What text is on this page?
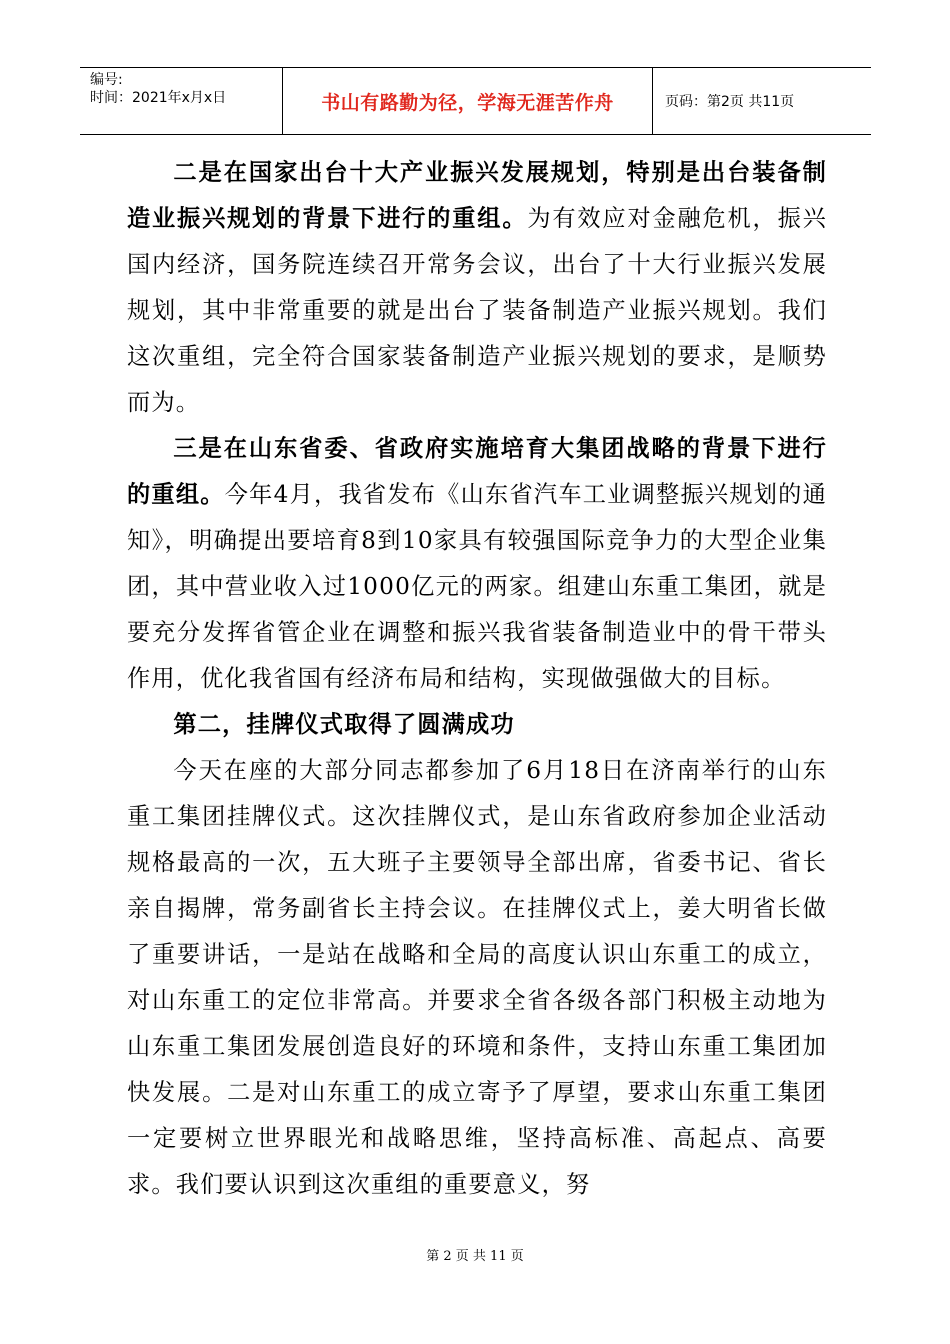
编号:
时间：2021年x月x日	书山有路勤为径，学海无涯苦作舟	页码：第2页 共11页

二是在国家出台十大产业振兴发展规划，特别是出台装备制造业振兴规划的背景下进行的重组。为有效应对金融危机，振兴国内经济，国务院连续召开常务会议，出台了十大行业振兴发展规划，其中非常重要的就是出台了装备制造产业振兴规划。我们这次重组，完全符合国家装备制造产业振兴规划的要求，是顺势而为。

三是在山东省委、省政府实施培育大集团战略的背景下进行的重组。今年4月，我省发布《山东省汽车工业调整振兴规划的通知》，明确提出要培育8到10家具有较强国际竞争力的大型企业集团，其中营业收入过1000亿元的两家。组建山东重工集团，就是要充分发挥省管企业在调整和振兴我省装备制造业中的骨干带头作用，优化我省国有经济布局和结构，实现做强做大的目标。

第二，挂牌仪式取得了圆满成功

今天在座的大部分同志都参加了6月18日在济南举行的山东重工集团挂牌仪式。这次挂牌仪式，是山东省政府参加企业活动规格最高的一次，五大班子主要领导全部出席，省委书记、省长亲自揭牌，常务副省长主持会议。在挂牌仪式上，姜大明省长做了重要讲话，一是站在战略和全局的高度认识山东重工的成立，对山东重工的定位非常高。并要求全省各级各部门积极主动地为山东重工集团发展创造良好的环境和条件，支持山东重工集团加快发展。二是对山东重工的成立寄予了厚望，要求山东重工集团一定要树立世界眼光和战略思维，坚持高标准、高起点、高要求。我们要认识到这次重组的重要意义，努

第 2 页 共 11 页
